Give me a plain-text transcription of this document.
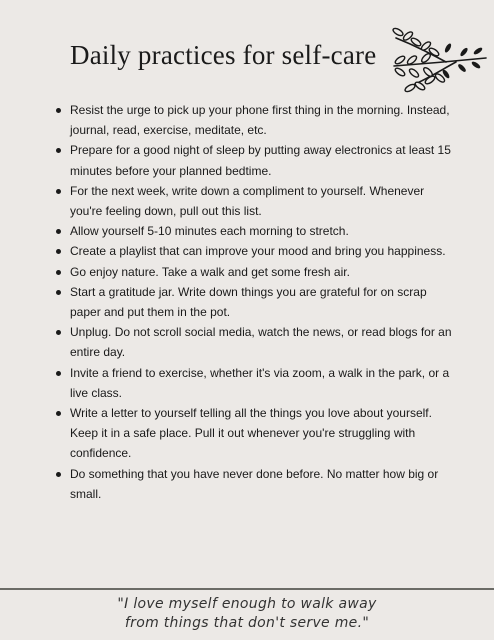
Daily practices for self-care
Resist the urge to pick up your phone first thing in the morning. Instead, journal, read, exercise, meditate, etc.
Prepare for a good night of sleep by putting away electronics at least 15 minutes before your planned bedtime.
For the next week, write down a compliment to yourself. Whenever you're feeling down, pull out this list.
Allow yourself 5-10 minutes each morning to stretch.
Create a playlist that can improve your mood and bring you happiness.
Go enjoy nature. Take a walk and get some fresh air.
Start a gratitude jar. Write down things you are grateful for on scrap paper and put them in the pot.
Unplug. Do not scroll social media, watch the news, or read blogs for an entire day.
Invite a friend to exercise, whether it's via zoom, a walk in the park, or a live class.
Write a letter to yourself telling all the things you love about yourself. Keep it in a safe place. Pull it out whenever you're struggling with confidence.
Do something that you have never done before. No matter how big or small.
"I love myself enough to walk away
from things that don't serve me."
